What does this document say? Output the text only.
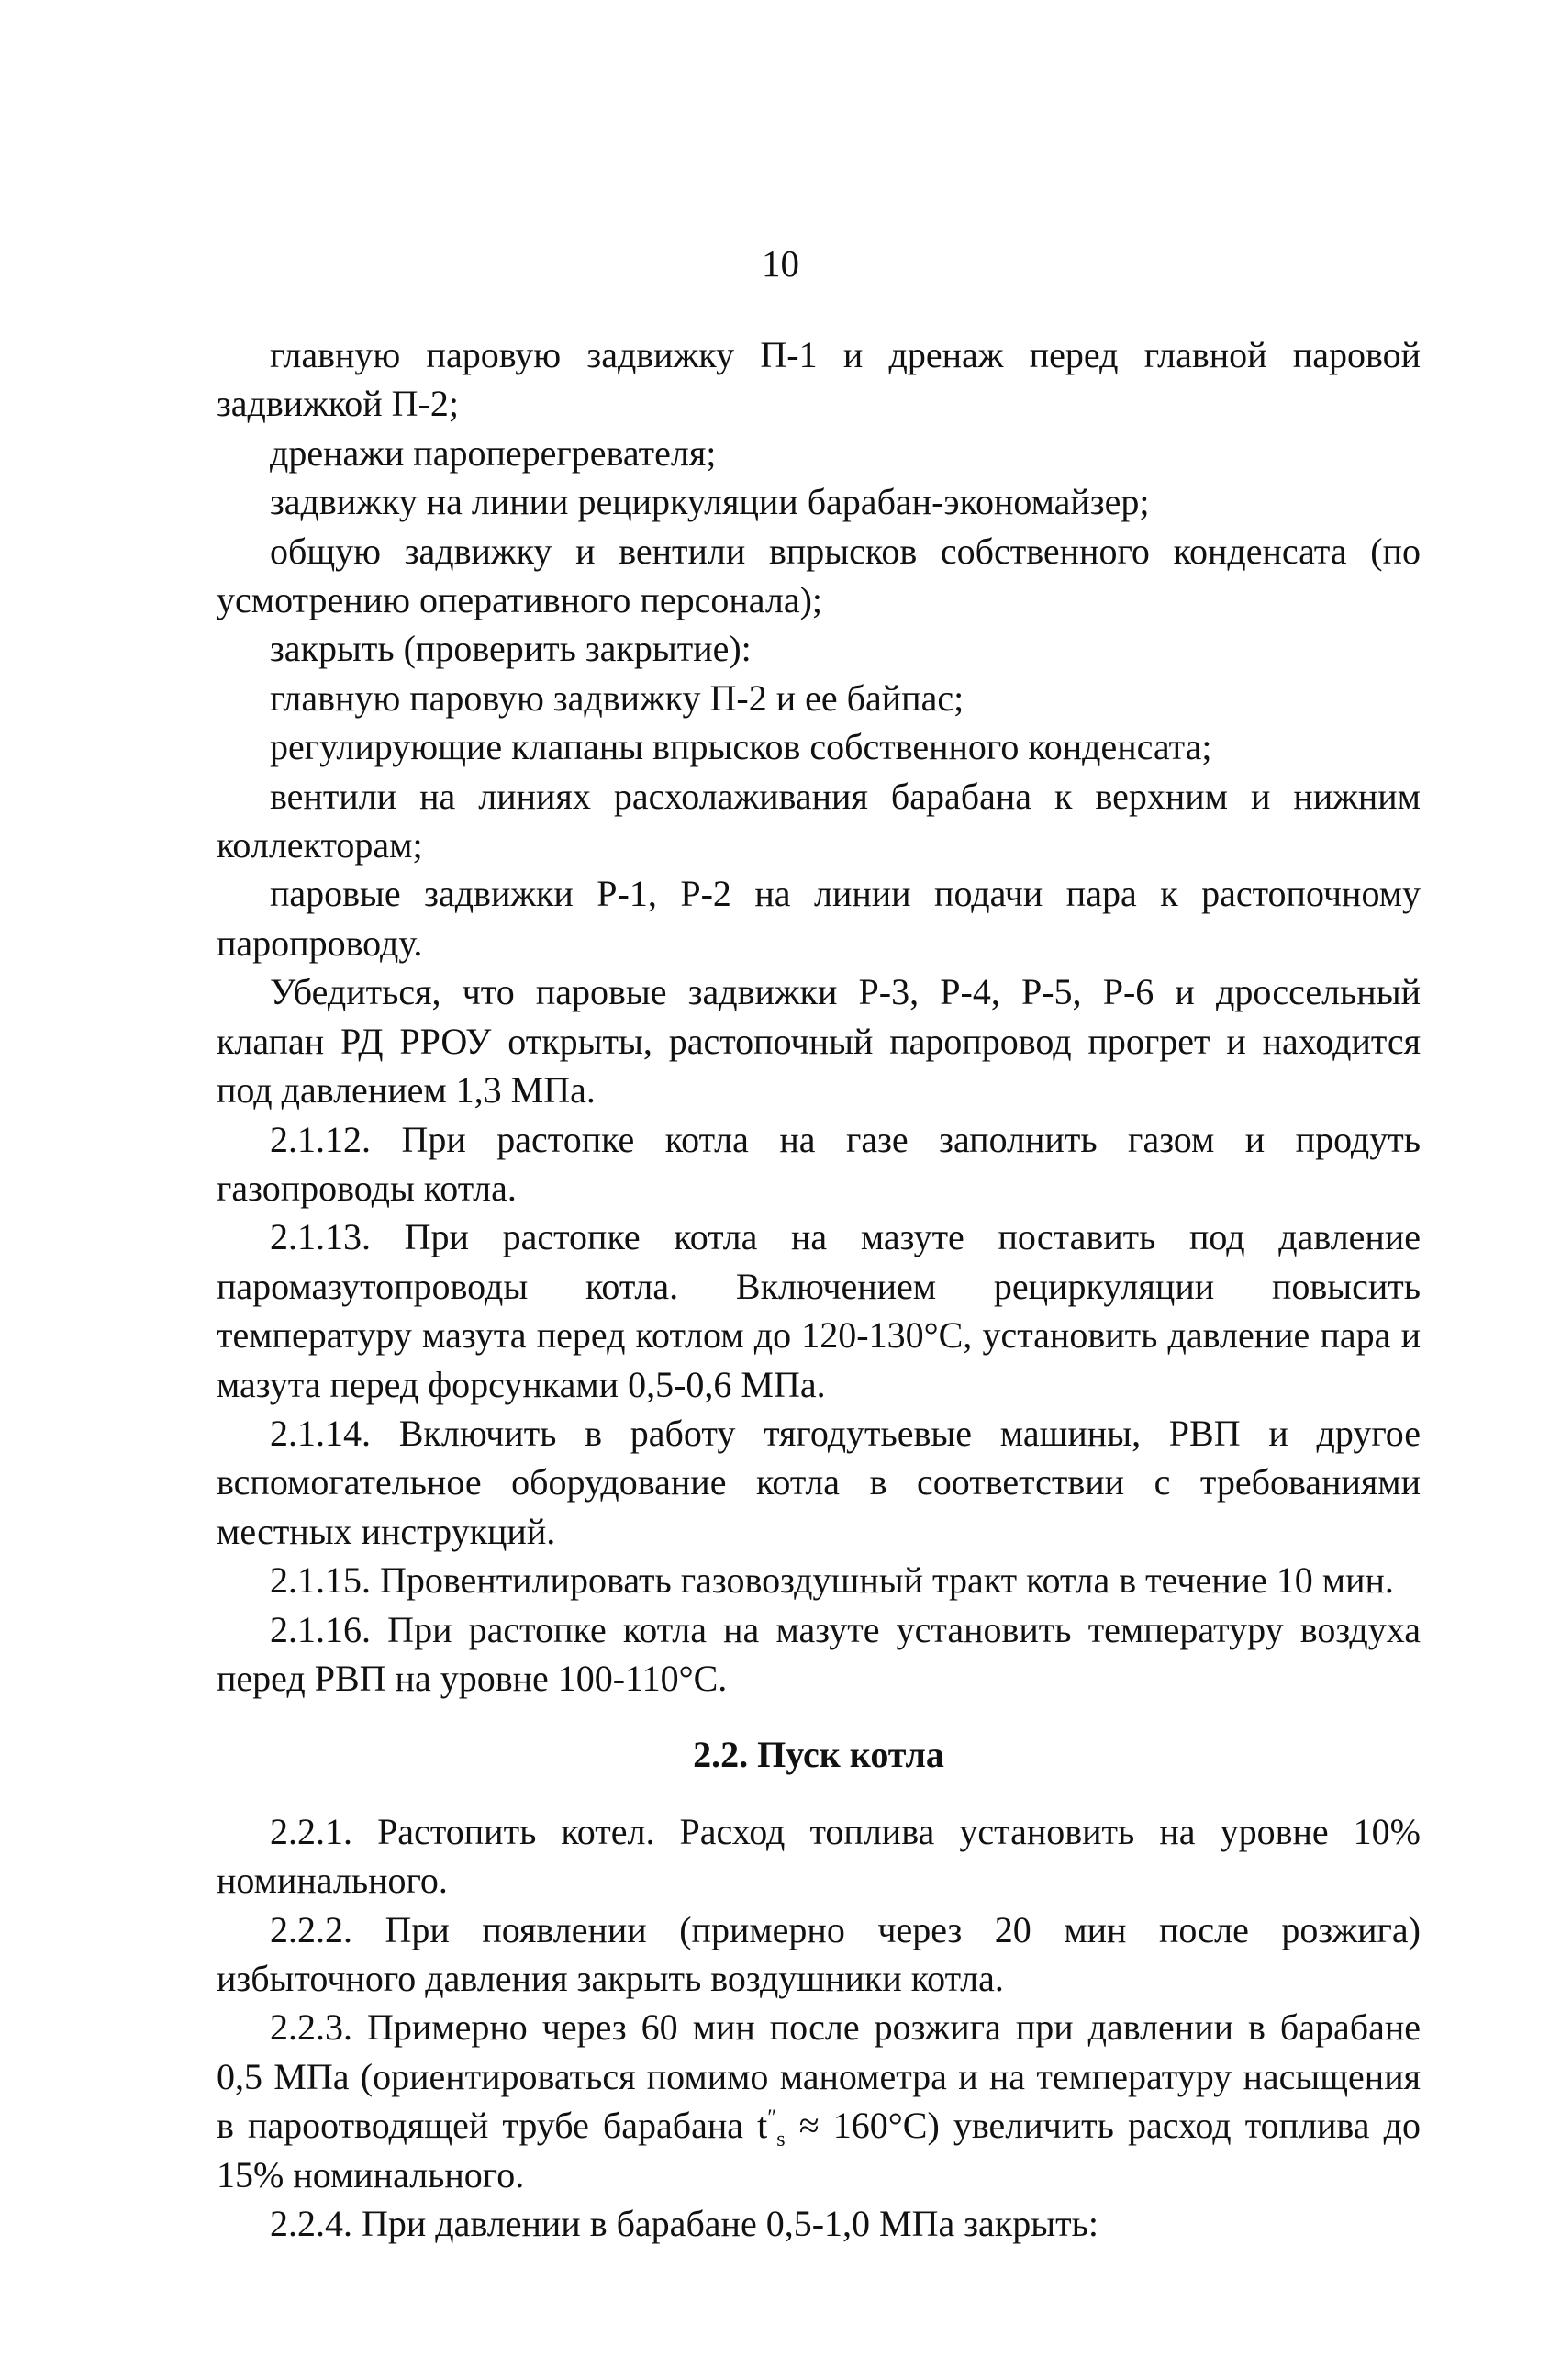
10

главную паровую задвижку П-1 и дренаж перед главной паровой задвижкой П-2;

дренажи пароперегревателя;

задвижку на линии рециркуляции барабан-экономайзер;

общую задвижку и вентили впрысков собственного конденсата (по усмотрению оперативного персонала);

закрыть (проверить закрытие):

главную паровую задвижку П-2 и ее байпас;

регулирующие клапаны впрысков собственного конденсата;

вентили на линиях расхолаживания барабана к верхним и нижним коллекторам;

паровые задвижки Р-1, Р-2 на линии подачи пара к растопочному паропроводу.

Убедиться, что паровые задвижки Р-3, Р-4, Р-5, Р-6 и дроссельный клапан РД РРОУ открыты, растопочный паропровод прогрет и находится под давлением 1,3 МПа.

2.1.12. При растопке котла на газе заполнить газом и продуть газопроводы котла.

2.1.13. При растопке котла на мазуте поставить под давление паромазутопроводы котла. Включением рециркуляции повысить температуру мазута перед котлом до 120-130°С, установить давление пара и мазута перед форсунками 0,5-0,6 МПа.

2.1.14. Включить в работу тягодутьевые машины, РВП и другое вспомогательное оборудование котла в соответствии с требованиями местных инструкций.

2.1.15. Провентилировать газовоздушный тракт котла в течение 10 мин.

2.1.16. При растопке котла на мазуте установить температуру воздуха перед РВП на уровне 100-110°С.

2.2. Пуск котла

2.2.1. Растопить котел. Расход топлива установить на уровне 10% номинального.

2.2.2. При появлении (примерно через 20 мин после розжига) избыточного давления закрыть воздушники котла.

2.2.3. Примерно через 60 мин после розжига при давлении в барабане 0,5 МПа (ориентироваться помимо манометра и на температуру насыщения в пароотводящей трубе барабана $t''_s \approx 160^\circ С$) увеличить расход топлива до 15% номинального.

2.2.4. При давлении в барабане 0,5-1,0 МПа закрыть:
